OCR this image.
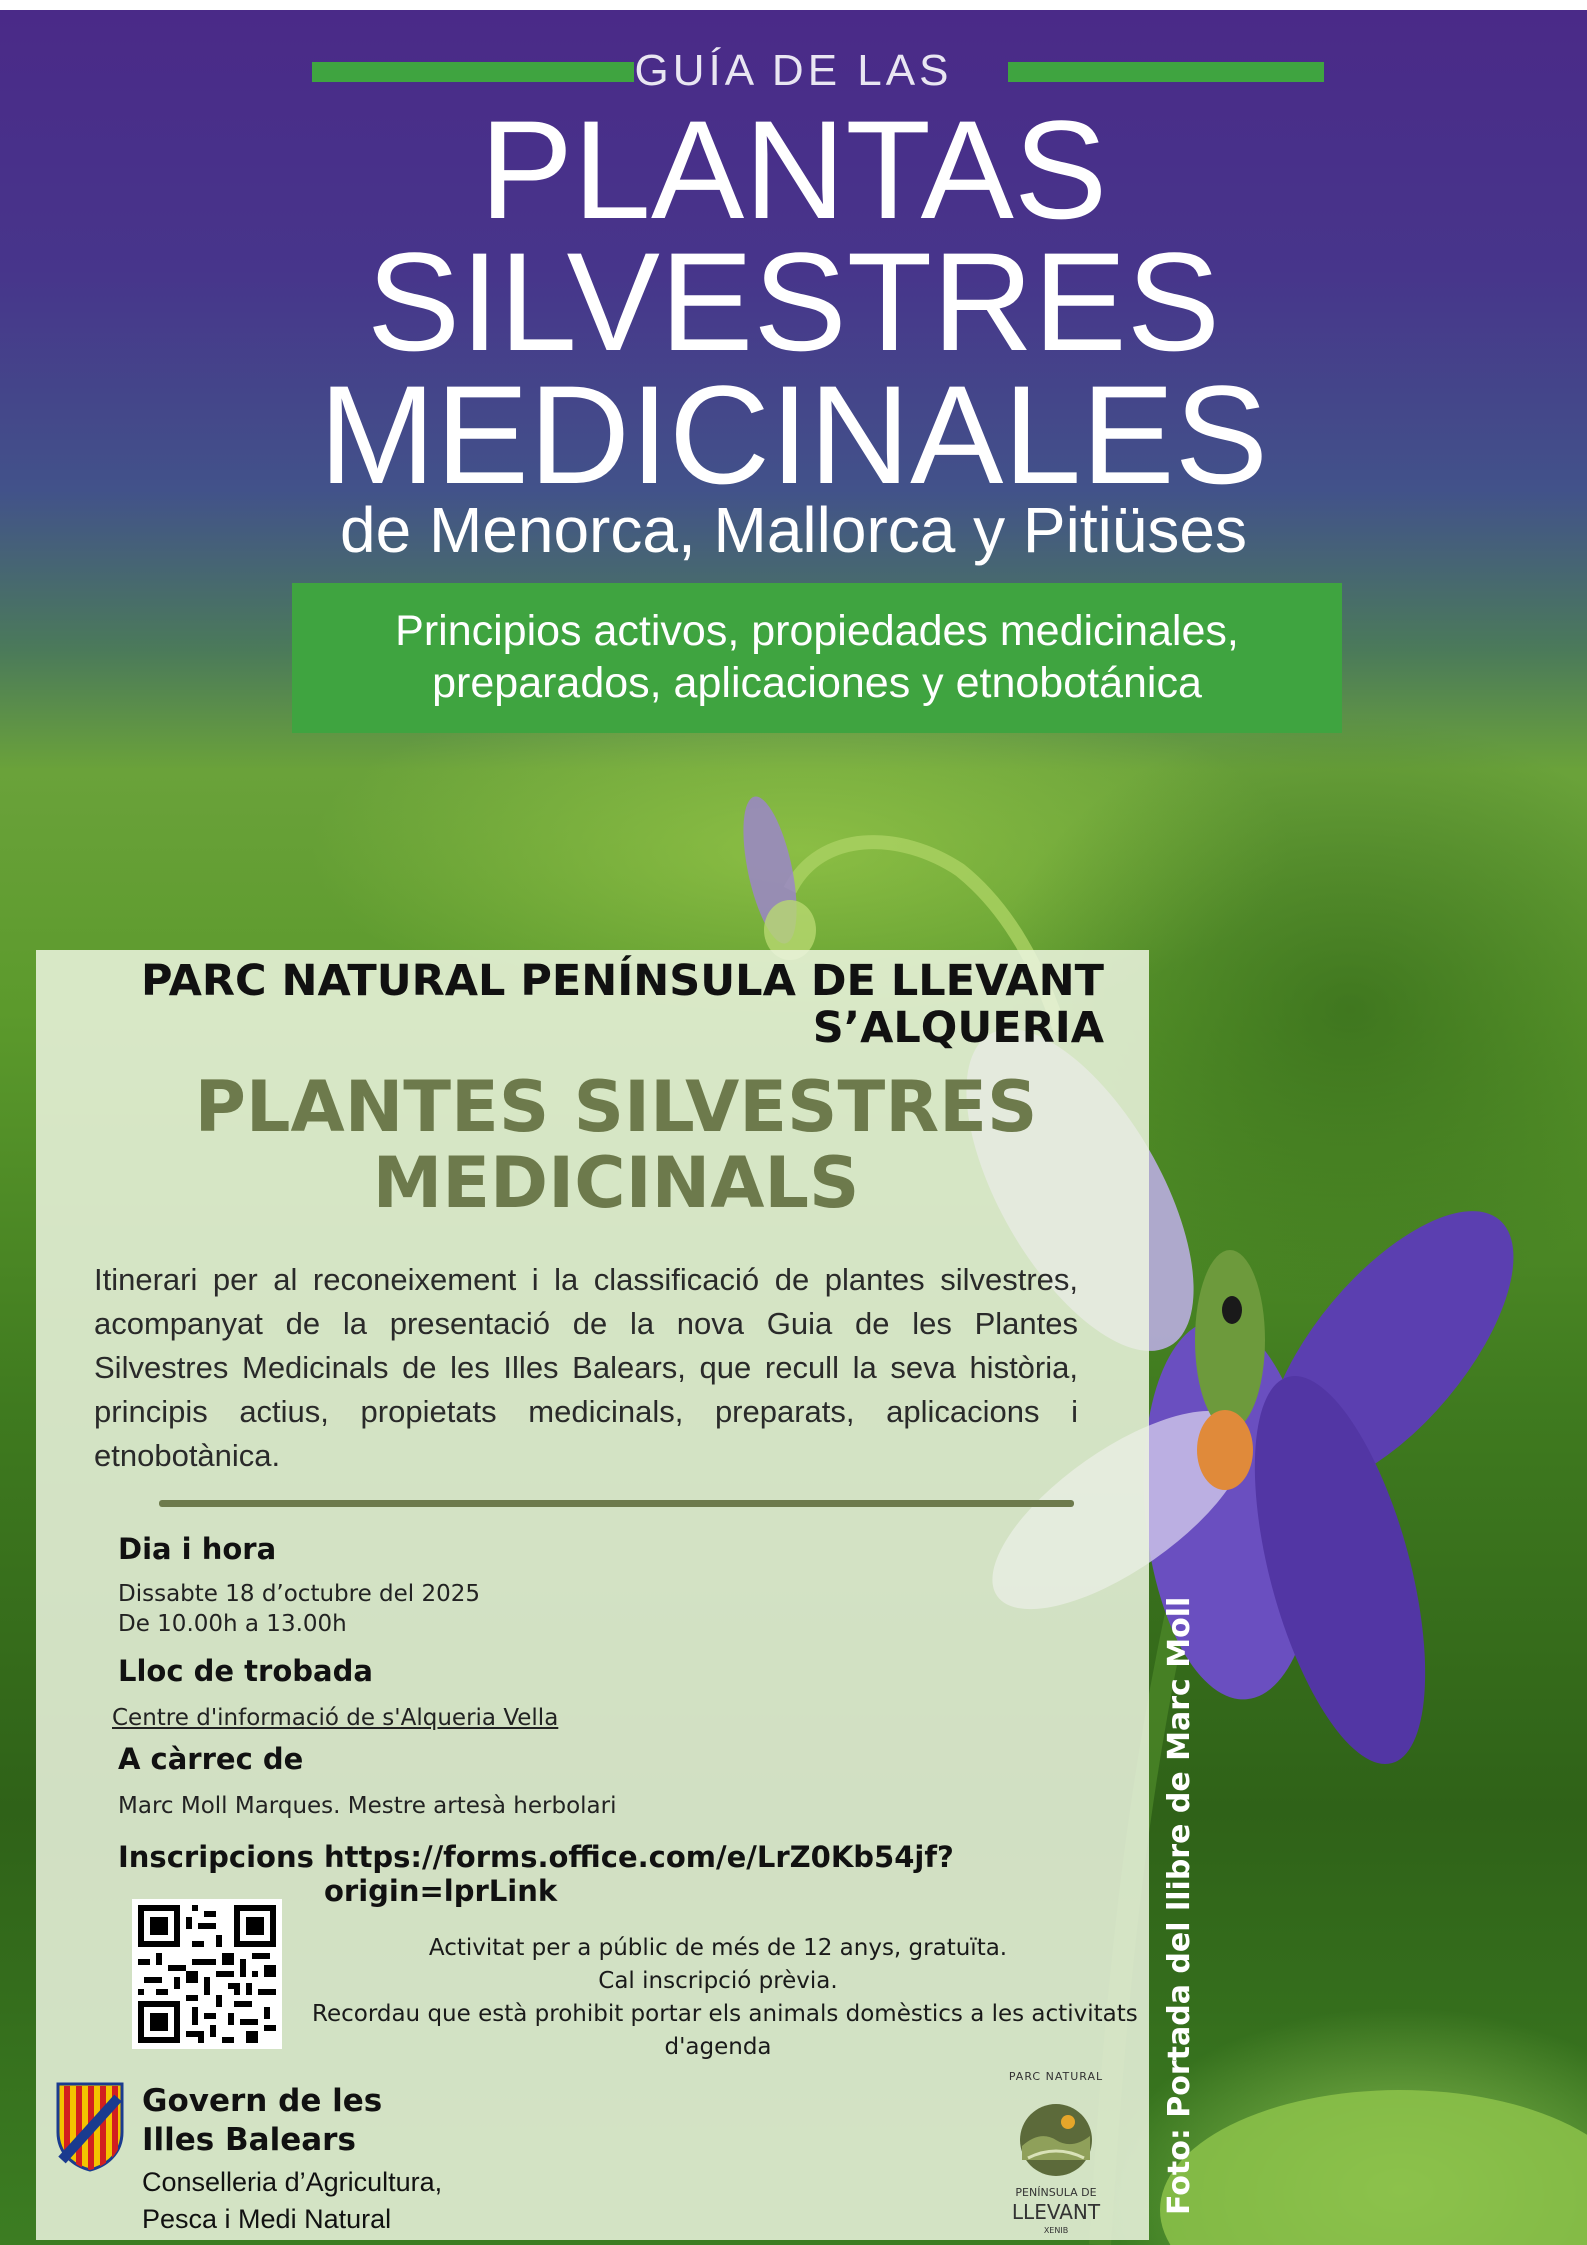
GUÍA DE LAS
PLANTAS
SILVESTRES
MEDICINALES
de Menorca, Mallorca y Pitiüses
Principios activos, propiedades medicinales,
preparados, aplicaciones y etnobotánica
PARC NATURAL PENÍNSULA DE LLEVANT
S’ALQUERIA
PLANTES SILVESTRES
MEDICINALS
Itinerari per al reconeixement i la classificació de plantes silvestres, acompanyat de la presentació de la nova Guia de les Plantes Silvestres Medicinals de les Illes Balears, que recull la seva història, principis actius, propietats medicinals, preparats, aplicacions i etnobotànica.
Dia i hora
Dissabte 18 d’octubre del 2025
De 10.00h a 13.00h
Lloc de trobada
Centre d'informació de s'Alqueria Vella
A càrrec de
Marc Moll Marques. Mestre artesà herbolari
Inscripcions https://forms.office.com/e/LrZ0Kb54jf?origin=lprLink
Activitat per a públic de més de 12 anys, gratuïta.
Cal inscripció prèvia.
Recordau que està prohibit portar els animals domèstics a les activitats
d'agenda
Govern de les
Illes Balears
Conselleria d’Agricultura,
Pesca i Medi Natural
PARC NATURAL
PENÍNSULA DE
LLEVANT
XENIB
Foto: Portada del llibre de Marc Moll
